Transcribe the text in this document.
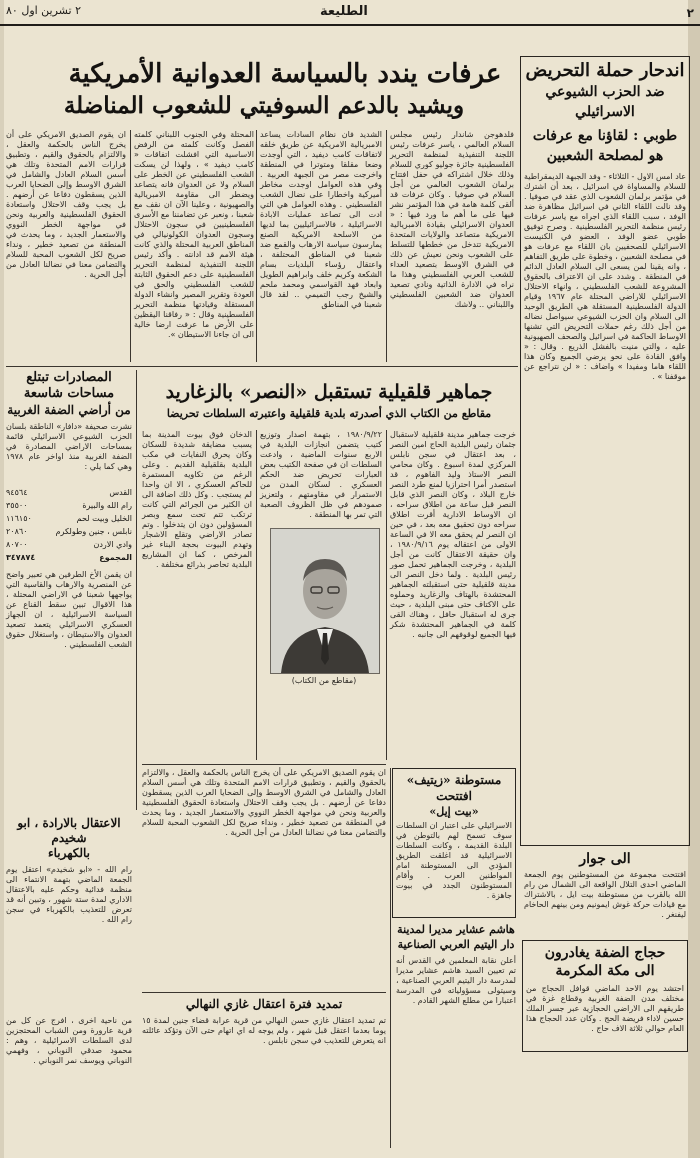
٢
الطليعة
٢ تشرين اول ٨٠
عرفات يندد بالسياسة العدوانية الأمريكية
ويشيد بالدعم السوفيتي للشعوب المناضلة
اندحار حملة التحريض
ضد الحزب الشيوعي الاسرائيلي
طوبي : لقاؤنا مع عرفات
هو لمصلحة الشعبين
عاد امس الاول - الثلاثاء - وفد الجبهة الديمقراطية للسلام والمساواة في اسرائيل ، بعد أن اشترك في مؤتمر برلمان الشعوب الذي عقد في صوفيا . وقد نالت اللقاء الثاني في اسرائيل مظاهرة ضد الوفد ، سبب اللقاء الذي اجراه مع ياسر عرفات رئيس منظمة التحرير الفلسطينية . وصرح توفيق طوبي عضو الوفد ، العضو في الكنيست الاسرائيلي للصحفيين بان اللقاء مع عرفات هو في مصلحة الشعبين ، وخطوة على طريق التفاهم ، وانه يقينا لمن يسعى الى السلام العادل الدائم في المنطقة . وشدد على ان الاعتراف بالحقوق المشروعة للشعب الفلسطيني ، وانهاء الاحتلال الاسرائيلي للاراضي المحتلة عام ١٩٦٧ وقيام الدولة الفلسطينية المستقلة هي الطريق الوحيد الى السلام وان الحزب الشيوعي سيواصل نضاله من أجل ذلك رغم حملات التحريض التي تشنها الاوساط الحاكمة في اسرائيل والصحف الصهيونية عليه ، والتي منيت بالفشل الذريع . وقال : « وافق القادة على نحو يرضي الجميع وكان هذا اللقاء هاما ومفيدا » واضاف : « لن نتراجع عن موقفنا » .
فلدهوجن شاندار رئيس مجلس السلام العالمي ، ياسر عرفات رئيس اللجنة التنفيذية لمنظمة التحرير الفلسطينية جائزة جوليو كوري للسلام وذلك خلال اشتراكه في حفل افتتاح برلمان الشعوب العالمي من أجل السلام في صوفيا . وكان عرفات قد ألقى كلمة هامة في هذا المؤتمر نشر فيها على ما أهم ما ورد فيها : « العدوان الاسرائيلي بقيادة الامبريالية الامريكية متصاعد والولايات المتحدة الامريكية تتدخل من خططها للتسلط على الشعوب ونحن نعيش عن ذلك في الشرق الاوسط بتصعيد العداء للشعب العربي الفلسطيني وهذا ما نراه في الادارة الذاتية ونادي تصعيد العدوان ضد الشعبين الفلسطيني واللبناني .. ولاشك
الشديد فان نظام السادات يساعد الامبريالية الامريكية عن طريق خلقه لاتفاقات كامب ديفيد ، التي أوجدت وضعا مقلقا ومتوترا في المنطقة واخرجت مصر من الجبهة العربية . وفي هذه العوامل اوجدت مخاطر أميركية واخطارا على نضال الشعب الفلسطيني . وهذه العوامل هي التي ادت الى تصاعد عمليات الابادة الاسرائيلية ، فالاسرائيليين بما لديها من الاسلحة الامريكية الصنع يمارسون سياسة الارهاب والقمع ضد شعبنا في المناطق المحتلفة ، واعتقال رؤساء البلديات بسام الشكعة وكريم خلف وابراهيم الطويل وابعاد فهد القواسمي ومحمد ملحم والشيخ رجب التميمي .. لقد قال شعبنا في المناطق
المحتلة وفي الجنوب اللبناني كلمته الفصل وكانت كلمته من الرفض الاساسية التي افشلت اتفاقات « كامب ديفيد » ، ولهذا لن يسكت الشعب الفلسطيني عن الخطر على السلام ولا عن العدوان فانه يتصاعد ويضطر الى مقاومة الامبريالية والصهيونية ، وعلينا الآن ان نقف مع شعبنا ، ونعبر عن تضامننا مع الأسرى الفلسطينيين في سجون الاحتلال وسجون العدوان الكولونيالي في المناطق العربية المحتلة والذي كانت هيئة الامم قد ادانته . وأكد رئيس اللجنة التنفيذية لمنظمة التحرير الفلسطينية على دعم الحقوق الثابتة للشعب الفلسطيني والحق في العودة وتقرير المصير وانشاء الدولة المستقلة وقيادتها منظمة التحرير الفلسطينية وقال : « رفاقنا اليقظين على الأرض ما عرفت ارضا خالية الى ان جاءنا الاستيطان ».
ان يقوم الصديق الامريكي على أن يخرج الناس بالحكمة والعقل ، والالتزام بالحقوق والقيم ، وتطبيق قرارات الامم المتحدة وتلك هي أسس السلام العادل والشامل في الشرق الاوسط وإلى الضحايا العرب الذين يسقطون دفاعا عن أرضهم . بل يجب وقف الاحتلال واستعادة الحقوق الفلسطينية والعربية ونحن في مواجهة الخطر النووي والاستعمار الجديد ، وما يحدث في المنطقة من تصعيد خطير ، ونداء صريح لكل الشعوب المحبة للسلام والتضامن معنا في نضالنا العادل من أجل الحرية .
المصادرات تبتلع مساحات شاسعة
من أراضي الضفة الغربية
نشرت صحيفة «دافار» الناطقة بلسان الحزب الشيوعي الاسرائيلي قائمة بمساحات الاراضي المصادرة في الضفة الغربية منذ اواخر عام ١٩٧٨ وهي كما يلي :
القدس
٩٤٥٦٤
رام الله والبيرة
٣٥٥٠٠
الخليل وبيت لحم
١١٦١٥٠
نابلس ، جنين وطولكرم
٢٠٨٦٠
وادي الاردن
٨٠٧٠٠
المجموع
٣٤٧٨٧٤
ان يقمن الأخ الطرفين هي تعبير واضح عن المنصرية والارهاب والقاسية التي يواجهها شعبنا في الاراضي المحتلة ، هذا الاقوال تبين سقط القناع عن السياسة الاسرائيلية ، ان الجهاز العسكري الاسرائيلي يتعمد تصعيد العدوان والاستيطان ، واستغلال حقوق الشعب الفلسطيني .
جماهير قلقيلية تستقبل «النصر» بالزغاريد
مقاطع من الكتاب الذي أصدرته بلدية قلقيلية واعتبرته السلطات تحريضا
خرجت جماهير مدينة قلقيلية لاستقبال جثمان رئيس البلدية الحاج امين النصر ، بعد اعتقال في سجن نابلس المركزي لمدة اسبوع . وكان محامي النصر الاستاذ وليد الفاهوم ، قد استصدر أمرا احترازيا لمنع طرد النصر خارج البلاد ، وكان النصر الذي قابل النصر قبل ساعة من اطلاق سراحه ، ان الاوساط الادارية أقرت اطلاق سراحه دون تحقيق معه بعد ، في حين ان النصر لم يحقق معه الا في الساعة الاولى من اعتقاله يوم ١٩٨٠/٩/١٦ ، وان حقيقة الاعتقال كانت من أجل البلدية ، وخرجت الجماهير تحمل صور رئيس البلدية . ولما دخل النصر الى مدينة قلقيلية حتى استقبلته الجماهير المحتشدة بالهتاف والزغاريد وحملوه على الاكتاف حتى مبنى البلدية ، حيث جرى له استقبال حافل ، وهناك القى كلمة في الجماهير المحتشدة شكر فيها الجميع لوقوفهم الى جانبه .
(مقاطع من الكتاب)
١٩٨٠/٩/٢٢ ، بتهمة اصدار وتوزيع كتيب يتضمن انجازات البلدية في الاربع سنوات الماضية ، وادعت السلطات ان في صفحة الكتيب بعض العبارات تحريض ضد الحكم العسكري . لسكان المدن من الاستمرار في مقاومتهم ، ولتعزيز صمودهم في ظل الظروف الصعبة التي تمر بها المنطقة .
الدخان فوق بيوت المدينة بما يسبب مضايقة شديدة للسكان وكان يحرق النفايات في مكب البلدية بقلقيلية القديم . وعلى الرغم من تكاويه المستمرة للحاكم العسكري ، الا ان واحدا لم يستجب . وكل ذلك اضافة الى ان الكثير من الجرائم التي كانت ترتكب تتم تحت سمع وبصر المسؤولين دون ان يتدخلوا . وتم تصادر الاراضي وتقلع الاشجار وتهدم البيوت بحجة البناء غير المرخص ، كما ان المشاريع البلدية تحاصر بذرائع مختلفة .
مستوطنة «زيتيف» افتتحت
«بيت إيل»
الاسرائيلي على اعتبار ان السلطات سوف تسمح لهم بالتوطن في البلدة القديمة ، وكانت السلطات الاسرائيلية قد اغلقت الطريق المؤدي الى المستوطنة امام المواطنين العرب . وأقام المستوطنون الجدد في بيوت جاهزة .
الى جوار
افتتحت مجموعة من المستوطنين يوم الجمعة الماضي احدى التلال الواقعة الى الشمال من رام الله بالقرب من مستوطنة بيت ايل ، بالاشتراك مع قيادات حركة غوش ايمونيم ومن بينهم الحاخام ليفنغر .
هاشم عشاير مديرا لمدينة
دار اليتيم العربي الصناعية
أعلن نقابة المعلمين في القدس أنه تم تعيين السيد هاشم عشاير مديرا لمدرسة دار اليتيم العربي الصناعية ، وسيتولى مسؤولياته في المدرسة اعتبارا من مطلع الشهر القادم .
حجاج الضفة يغادرون
الى مكة المكرمة
احتشد يوم الاحد الماضي قوافل الحجاج من مختلف مدن الضفة الغربية وقطاع غزة في طريقهم الى الاراضي الحجازية عبر جسر الملك حسين لاداء فريضة الحج . وكان عدد الحجاج هذا العام حوالي ثلاثة الاف حاج .
ان يقوم الصديق الامريكي على أن يخرج الناس بالحكمة والعقل ، والالتزام بالحقوق والقيم ، وتطبيق قرارات الامم المتحدة وتلك هي أسس السلام العادل والشامل في الشرق الاوسط وإلى الضحايا العرب الذين يسقطون دفاعا عن أرضهم . بل يجب وقف الاحتلال واستعادة الحقوق الفلسطينية والعربية ونحن في مواجهة الخطر النووي والاستعمار الجديد ، وما يحدث في المنطقة من تصعيد خطير ، ونداء صريح لكل الشعوب المحبة للسلام والتضامن معنا في نضالنا العادل من أجل الحرية .
الاعتقال بالارادة ، ابو شخيدم
بالكهرباء
رام الله - «ابو شخيدم» اعتقل يوم الجمعة الماضي بتهمة الانتماء الى منظمة فدائية وحكم عليه بالاعتقال الاداري لمدة ستة شهور ، وتبين أنه قد تعرض للتعذيب بالكهرباء في سجن رام الله .
تمديد فترة اعتقال غازي النهالي
تم تمديد اعتقال غازي حسن النهالي من قرية عرابة قضاء جنين لمدة ١٥ يوما بعدما اعتقل قبل شهر ، ولم يوجه له اي اتهام حتى الآن وتؤكد عائلته انه يتعرض للتعذيب في سجن نابلس .
من ناحية اخرى ، افرج عن كل من قرية عارورة ومن الشباب المحتجزين لدى السلطات الاسرائيلية ، وهم : محمود صدقي النوباني ، وفهمي النوباني ويوسف نمر النوباني .
